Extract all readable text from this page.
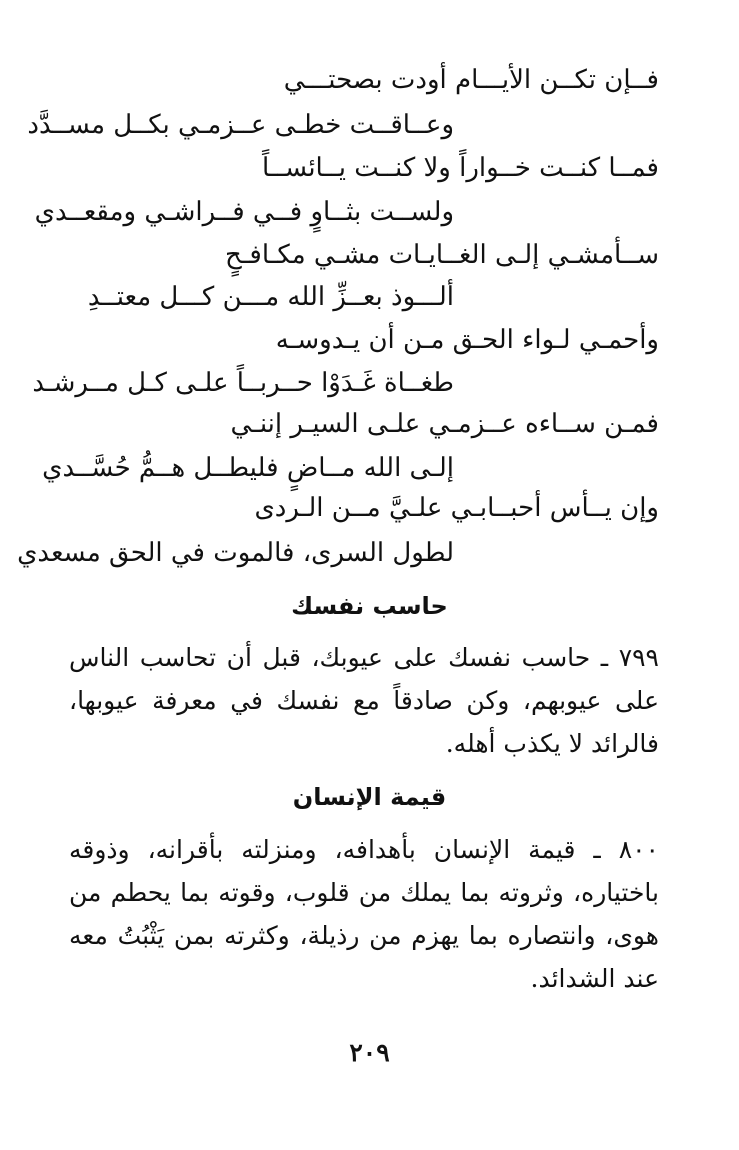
فــإن تكــن الأيـــام أودت بصحتـــي
وعــاقــت خطـى عــزمـي بكــل مســدَّد
فمــا كنــت خــواراً ولا كنــت يــائســاً
ولســت بثــاوٍ فــي فــراشـي ومقعــدي
ســأمشـي إلـى الغــايـات مشـي مكـافـحٍ
ألـــوذ بعــزِّ الله مـــن كـــل معتــدِ
وأحمـي لـواء الحـق مـن أن يـدوسـه
طغــاة غَـدَوْا حــربــاً علـى كـل مــرشـد
فمـن ســاءه عــزمـي علـى السيـر إننـي
إلـى الله مــاضٍ فليطــل هــمُّ حُسَّــدي
وإن يــأس أحبــابـي علـيَّ مــن الـردى
لطول السرى، فالموت في الحق مسعدي
حاسب نفسك
٧٩٩ ـ حاسب نفسك على عيوبك، قبل أن تحاسب الناس على عيوبهم، وكن صادقاً مع نفسك في معرفة عيوبها، فالرائد لا يكذب أهله.
قيمة الإنسان
٨٠٠ ـ قيمة الإنسان بأهدافه، ومنزلته بأقرانه، وذوقه باختياره، وثروته بما يملك من قلوب، وقوته بما يحطم من هوى، وانتصاره بما يهزم من رذيلة، وكثرته بمن يَثْبُتُ معه عند الشدائد.
٢٠٩
